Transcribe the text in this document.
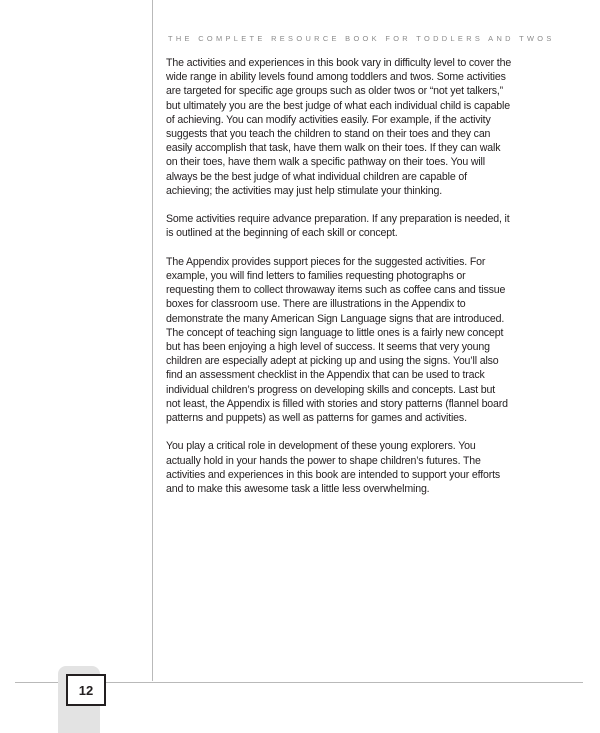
THE COMPLETE RESOURCE BOOK FOR TODDLERS AND TWOS

The activities and experiences in this book vary in difficulty level to cover the wide range in ability levels found among toddlers and twos. Some activities are targeted for specific age groups such as older twos or “not yet talkers,” but ultimately you are the best judge of what each individual child is capable of achieving. You can modify activities easily. For example, if the activity suggests that you teach the children to stand on their toes and they can easily accomplish that task, have them walk on their toes. If they can walk on their toes, have them walk a specific pathway on their toes. You will always be the best judge of what individual children are capable of achieving; the activities may just help stimulate your thinking.

Some activities require advance preparation. If any preparation is needed, it is outlined at the beginning of each skill or concept.

The Appendix provides support pieces for the suggested activities. For example, you will find letters to families requesting photographs or requesting them to collect throwaway items such as coffee cans and tissue boxes for classroom use. There are illustrations in the Appendix to demonstrate the many American Sign Language signs that are introduced. The concept of teaching sign language to little ones is a fairly new concept but has been enjoying a high level of success. It seems that very young children are especially adept at picking up and using the signs. You’ll also find an assessment checklist in the Appendix that can be used to track individual children’s progress on developing skills and concepts. Last but not least, the Appendix is filled with stories and story patterns (flannel board patterns and puppets) as well as patterns for games and activities.

You play a critical role in development of these young explorers. You actually hold in your hands the power to shape children’s futures. The activities and experiences in this book are intended to support your efforts and to make this awesome task a little less overwhelming.

12
